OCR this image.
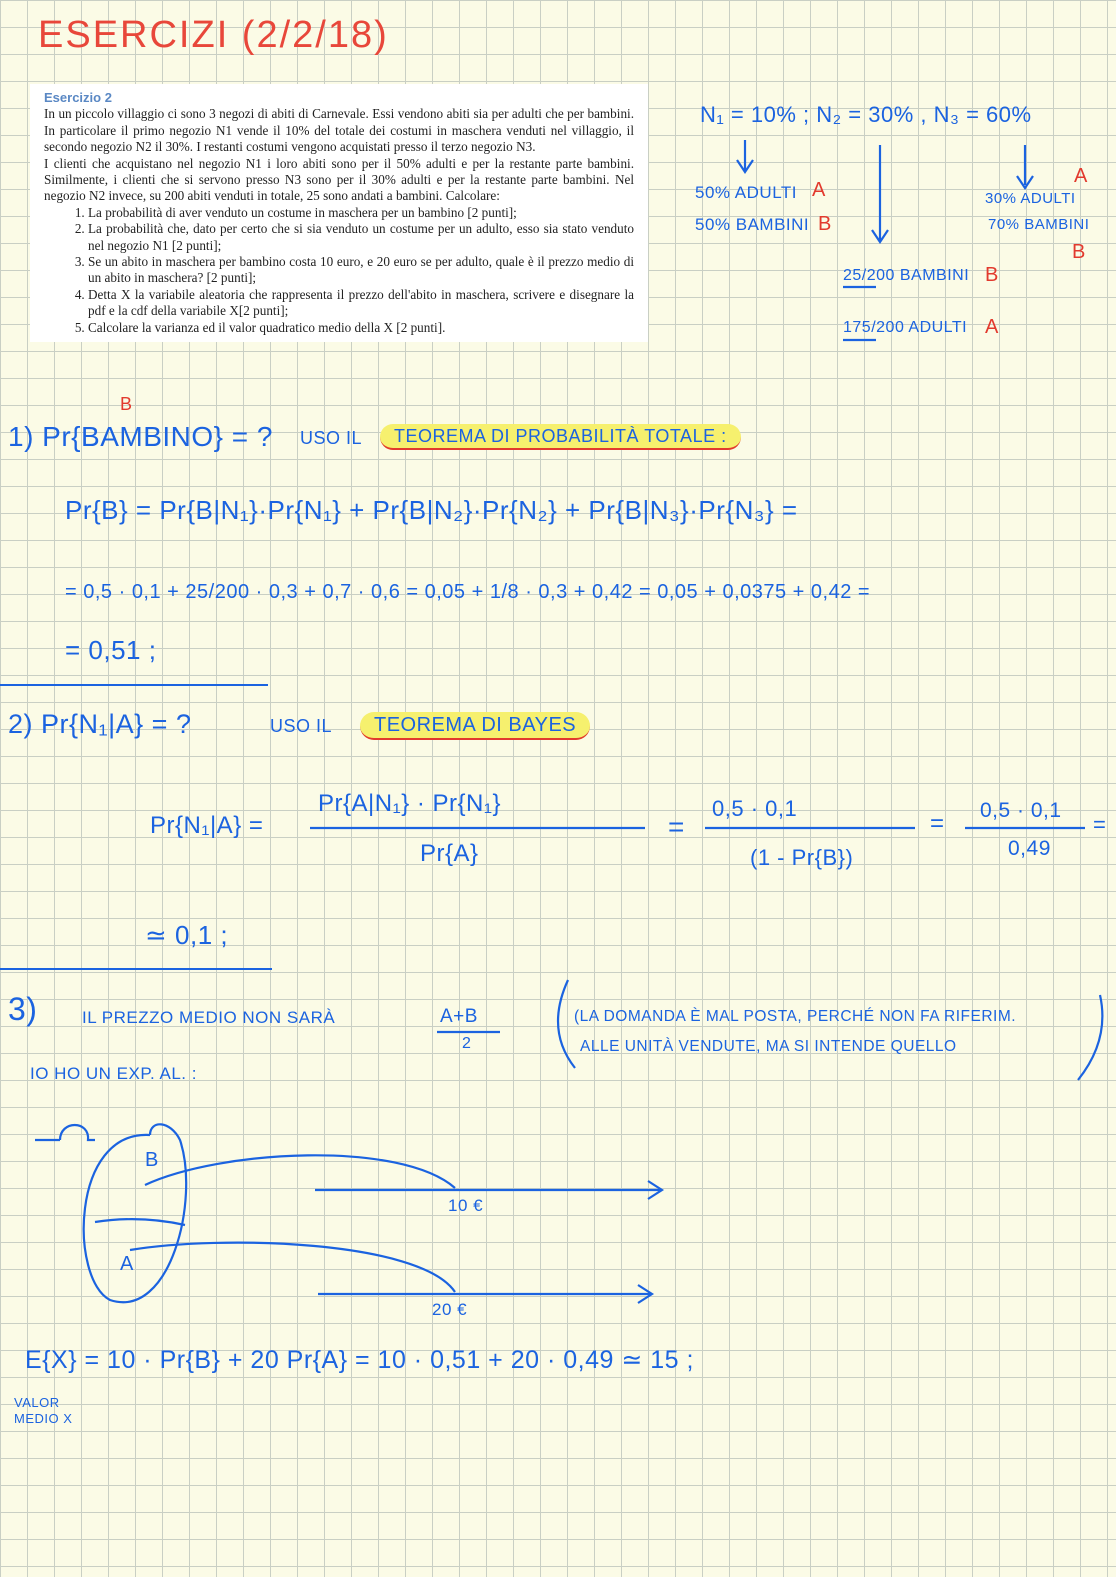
ESERCIZI (2/2/18)
Esercizio 2

In un piccolo villaggio ci sono 3 negozi di abiti di Carnevale. Essi vendono abiti sia per adulti che per bambini. In particolare il primo negozio N1 vende il 10% del totale dei costumi in maschera venduti nel villaggio, il secondo negozio N2 il 30%. I restanti costumi vengono acquistati presso il terzo negozio N3.

I clienti che acquistano nel negozio N1 i loro abiti sono per il 50% adulti e per la restante parte bambini. Similmente, i clienti che si servono presso N3 sono per il 30% adulti e per la restante parte bambini. Nel negozio N2 invece, su 200 abiti venduti in totale, 25 sono andati a bambini. Calcolare:

1. La probabilità di aver venduto un costume in maschera per un bambino [2 punti];
2. La probabilità che, dato per certo che si sia venduto un costume per un adulto, esso sia stato venduto nel negozio N1 [2 punti];
3. Se un abito in maschera per bambino costa 10 euro, e 20 euro se per adulto, quale è il prezzo medio di un abito in maschera? [2 punti];
4. Detta X la variabile aleatoria che rappresenta il prezzo dell'abito in maschera, scrivere e disegnare la pdf e la cdf della variabile X[2 punti];
5. Calcolare la varianza ed il valor quadratico medio della X [2 punti].
N₁ = 10% ; N₂ = 30% , N₃ = 60%
50% ADULTI A
50% BAMBINI B
30% ADULTI
A
70% BAMBINI
B
25/200 BAMBINI B
175/200 ADULTI A
B
1) Pr{BAMBINO} = ? USO IL	TEOREMA DI PROBABILITÀ TOTALE :
Pr{B} = Pr{B|N₁}·Pr{N₁} + Pr{B|N₂}·Pr{N₂} + Pr{B|N₃}·Pr{N₃} =
= 0,5 · 0,1 + 25/200 · 0,3 + 0,7 · 0,6 = 0,05 + 1/8 · 0,3 + 0,42 = 0,05 + 0,0375 + 0,42 =
= 0,51 ;
2) Pr{N₁|A} = ?	USO IL	TEOREMA DI BAYES
Pr{N₁|A} =
Pr{A|N₁} · Pr{N₁}
Pr{A}
=
0,5 · 0,1
(1 - Pr{B})
= 0,5 · 0,1
0,49
=
≃ 0,1 ;
3)	IL PREZZO MEDIO NON SARÀ	A+B
2
(LA DOMANDA È MAL POSTA, PERCHÉ NON FA RIFERIM.
ALLE UNITÀ VENDUTE, MA SI INTENDE QUELLO
IO HO UN EXP. AL. :
B
A
10 €
20 €
E{X} = 10 · Pr{B} + 20 Pr{A} = 10 · 0,51 + 20 · 0,49 ≃ 15 ;
VALOR MEDIO X
